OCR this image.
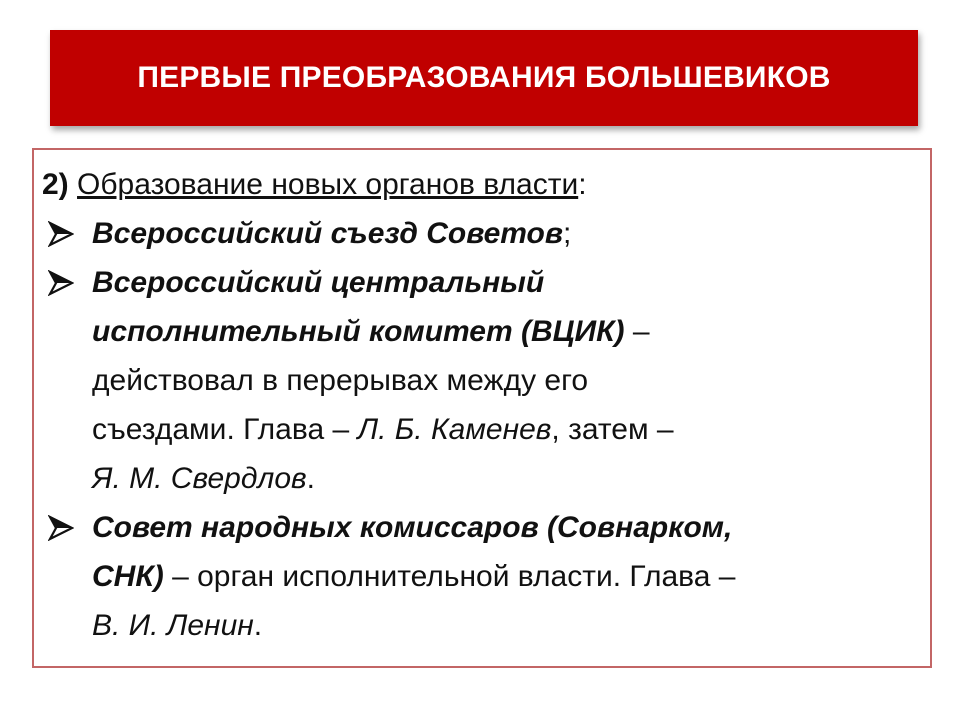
ПЕРВЫЕ ПРЕОБРАЗОВАНИЯ БОЛЬШЕВИКОВ
2) Образование новых органов власти:
Всероссийский съезд Советов;
Всероссийский центральный
исполнительный комитет (ВЦИК) –
действовал в перерывах между его
съездами. Глава – Л. Б. Каменев, затем –
Я. М. Свердлов.
Совет народных комиссаров (Совнарком,
СНК) – орган исполнительной власти. Глава –
В. И. Ленин.
